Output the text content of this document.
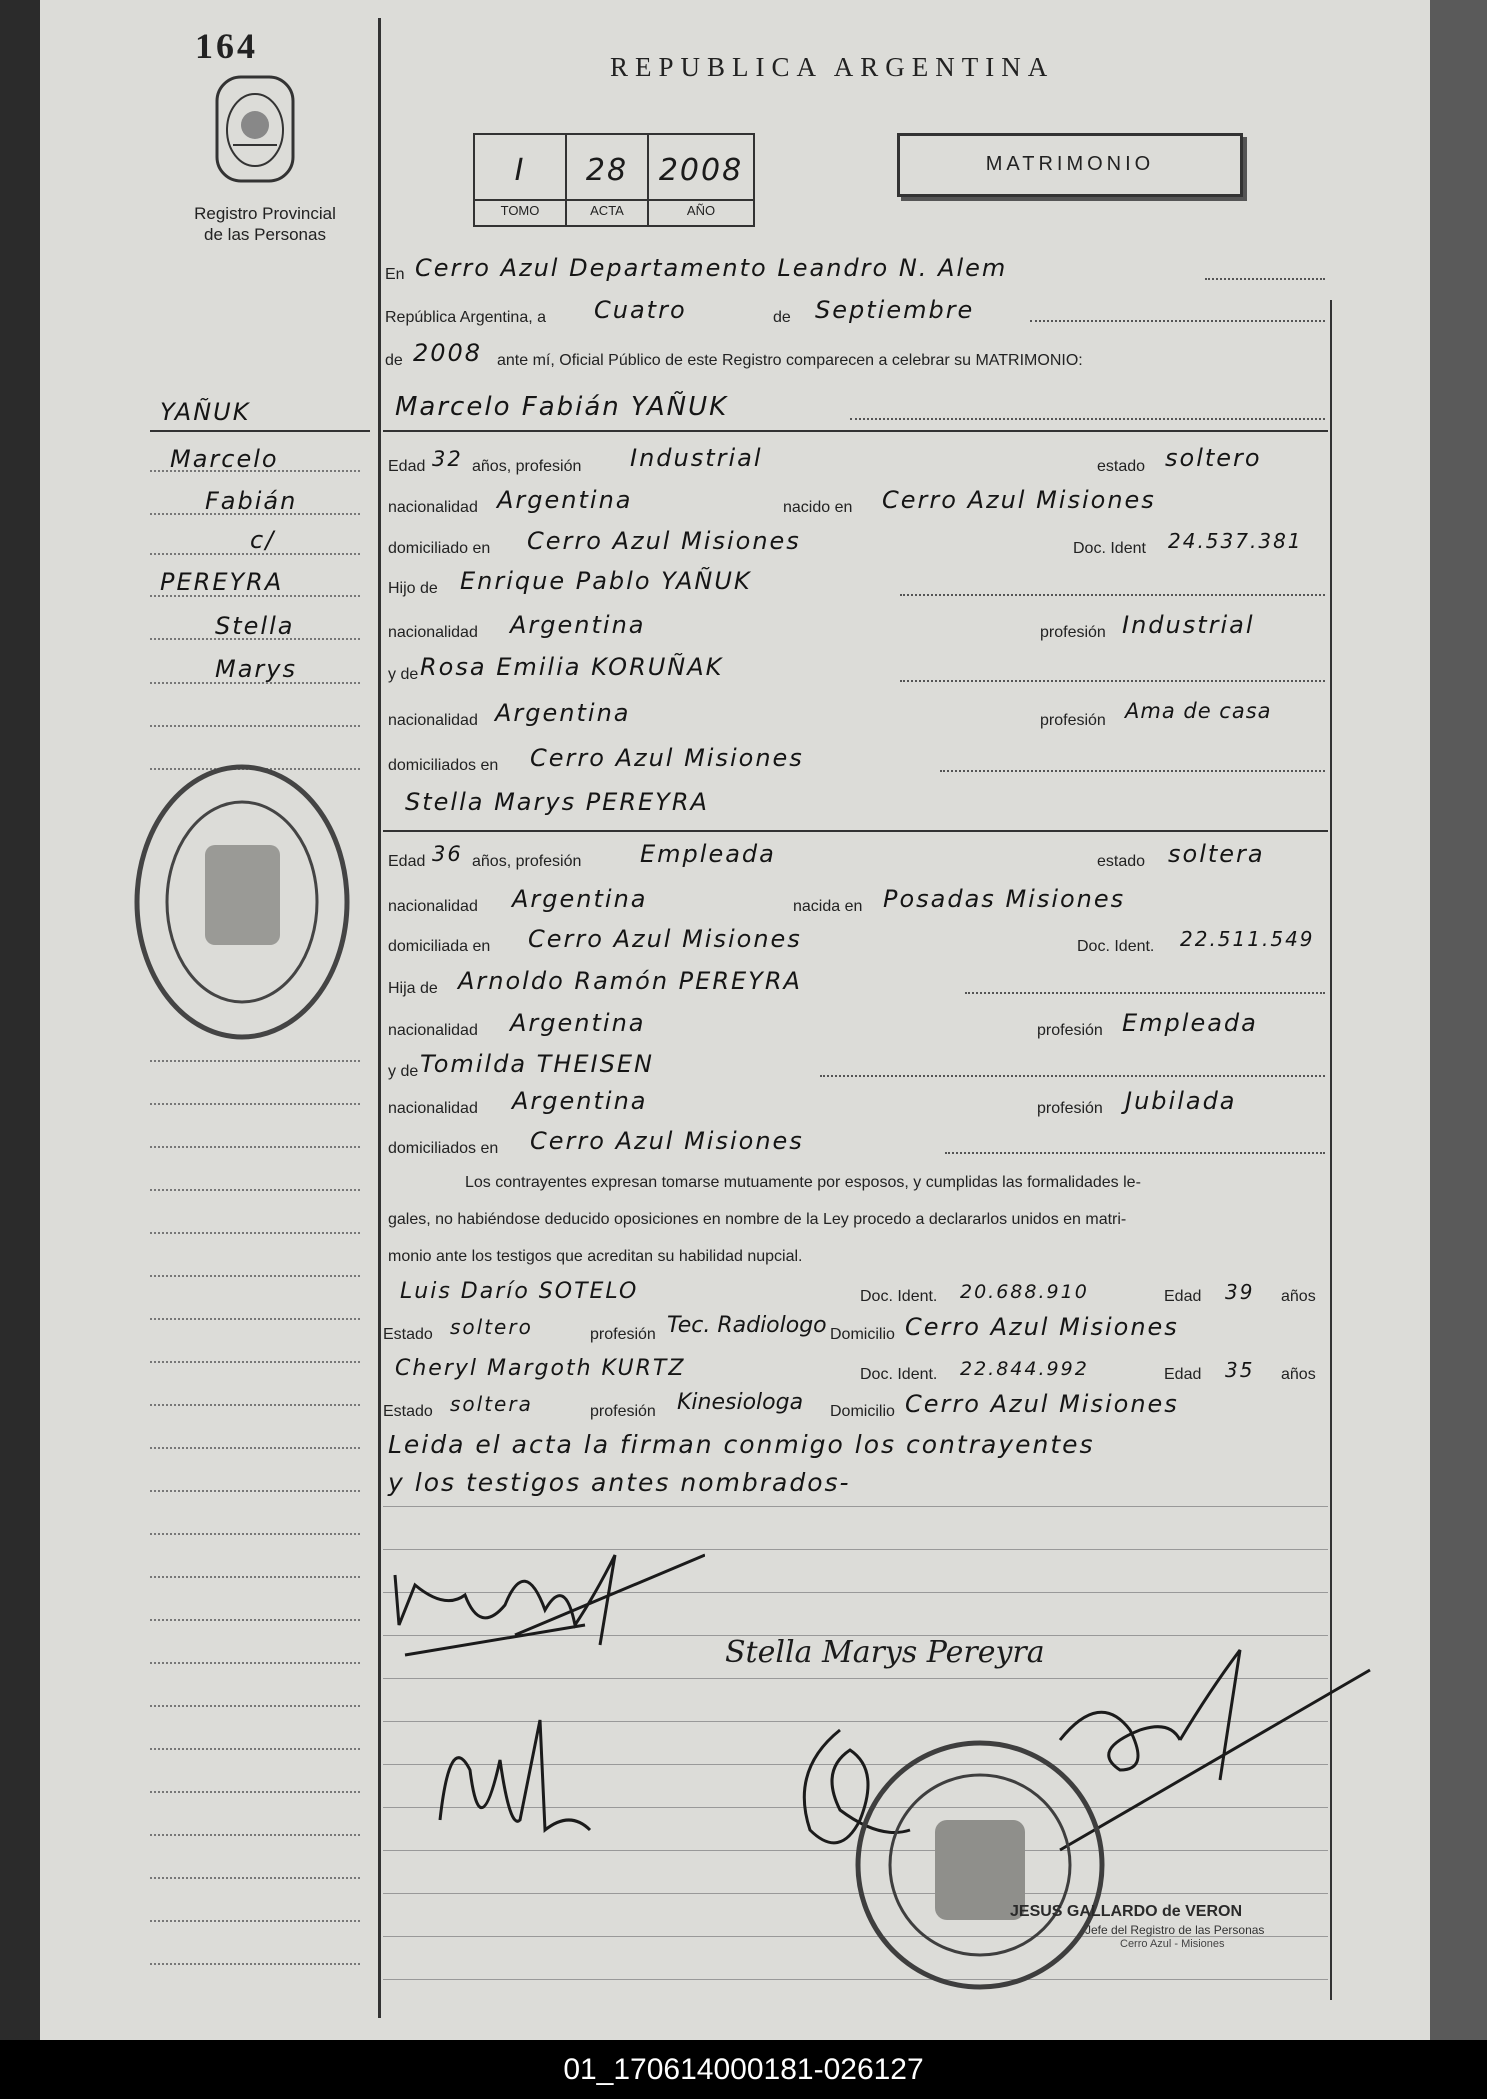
164
Registro Provincial
de las Personas
REPUBLICA ARGENTINA
I	28	2008
TOMO	ACTA	AÑO
MATRIMONIO
YAÑUK
Marcelo
Fabián
c/
PEREYRA
Stella
Marys
En Cerro Azul Departamento Leandro N. Alem
República Argentina, a Cuatro	de Septiembre
de 2008 ante mí, Oficial Público de este Registro comparecen a celebrar su MATRIMONIO:
Marcelo Fabián YAÑUK
Edad 32 años, profesión Industrial	estado soltero
nacionalidad Argentina	nacido en Cerro Azul Misiones
domiciliado en Cerro Azul Misiones	Doc. Ident 24.537.381
Hijo de Enrique Pablo YAÑUK
nacionalidad Argentina	profesión Industrial
y de Rosa Emilia KORUÑAK
nacionalidad Argentina	profesión Ama de casa
domiciliados en Cerro Azul Misiones
Stella Marys PEREYRA
Edad 36 años, profesión Empleada	estado soltera
nacionalidad Argentina	nacida en Posadas Misiones
domiciliada en Cerro Azul Misiones	Doc. Ident. 22.511.549
Hija de Arnoldo Ramón PEREYRA
nacionalidad Argentina	profesión Empleada
y de Tomilda THEISEN
nacionalidad Argentina	profesión Jubilada
domiciliados en Cerro Azul Misiones
Los contrayentes expresan tomarse mutuamente por esposos, y cumplidas las formalidades le-
gales, no habiéndose deducido oposiciones en nombre de la Ley procedo a declararlos unidos en matri-
monio ante los testigos que acreditan su habilidad nupcial.
Luis Darío SOTELO	Doc. Ident. 20.688.910	Edad 39 años
Estado soltero	profesión Tec. Radiologo Domicilio Cerro Azul Misiones
Cheryl Margoth KURTZ	Doc. Ident. 22.844.992	Edad 35 años
Estado soltera	profesión Kinesiologa Domicilio Cerro Azul Misiones
Leida el acta la firman conmigo los contrayentes
y los testigos antes nombrados-
Stella Marys Pereyra
JESUS GALLARDO de VERON
Jefe del Registro de las Personas
Cerro Azul - Misiones
01_170614000181-026127
